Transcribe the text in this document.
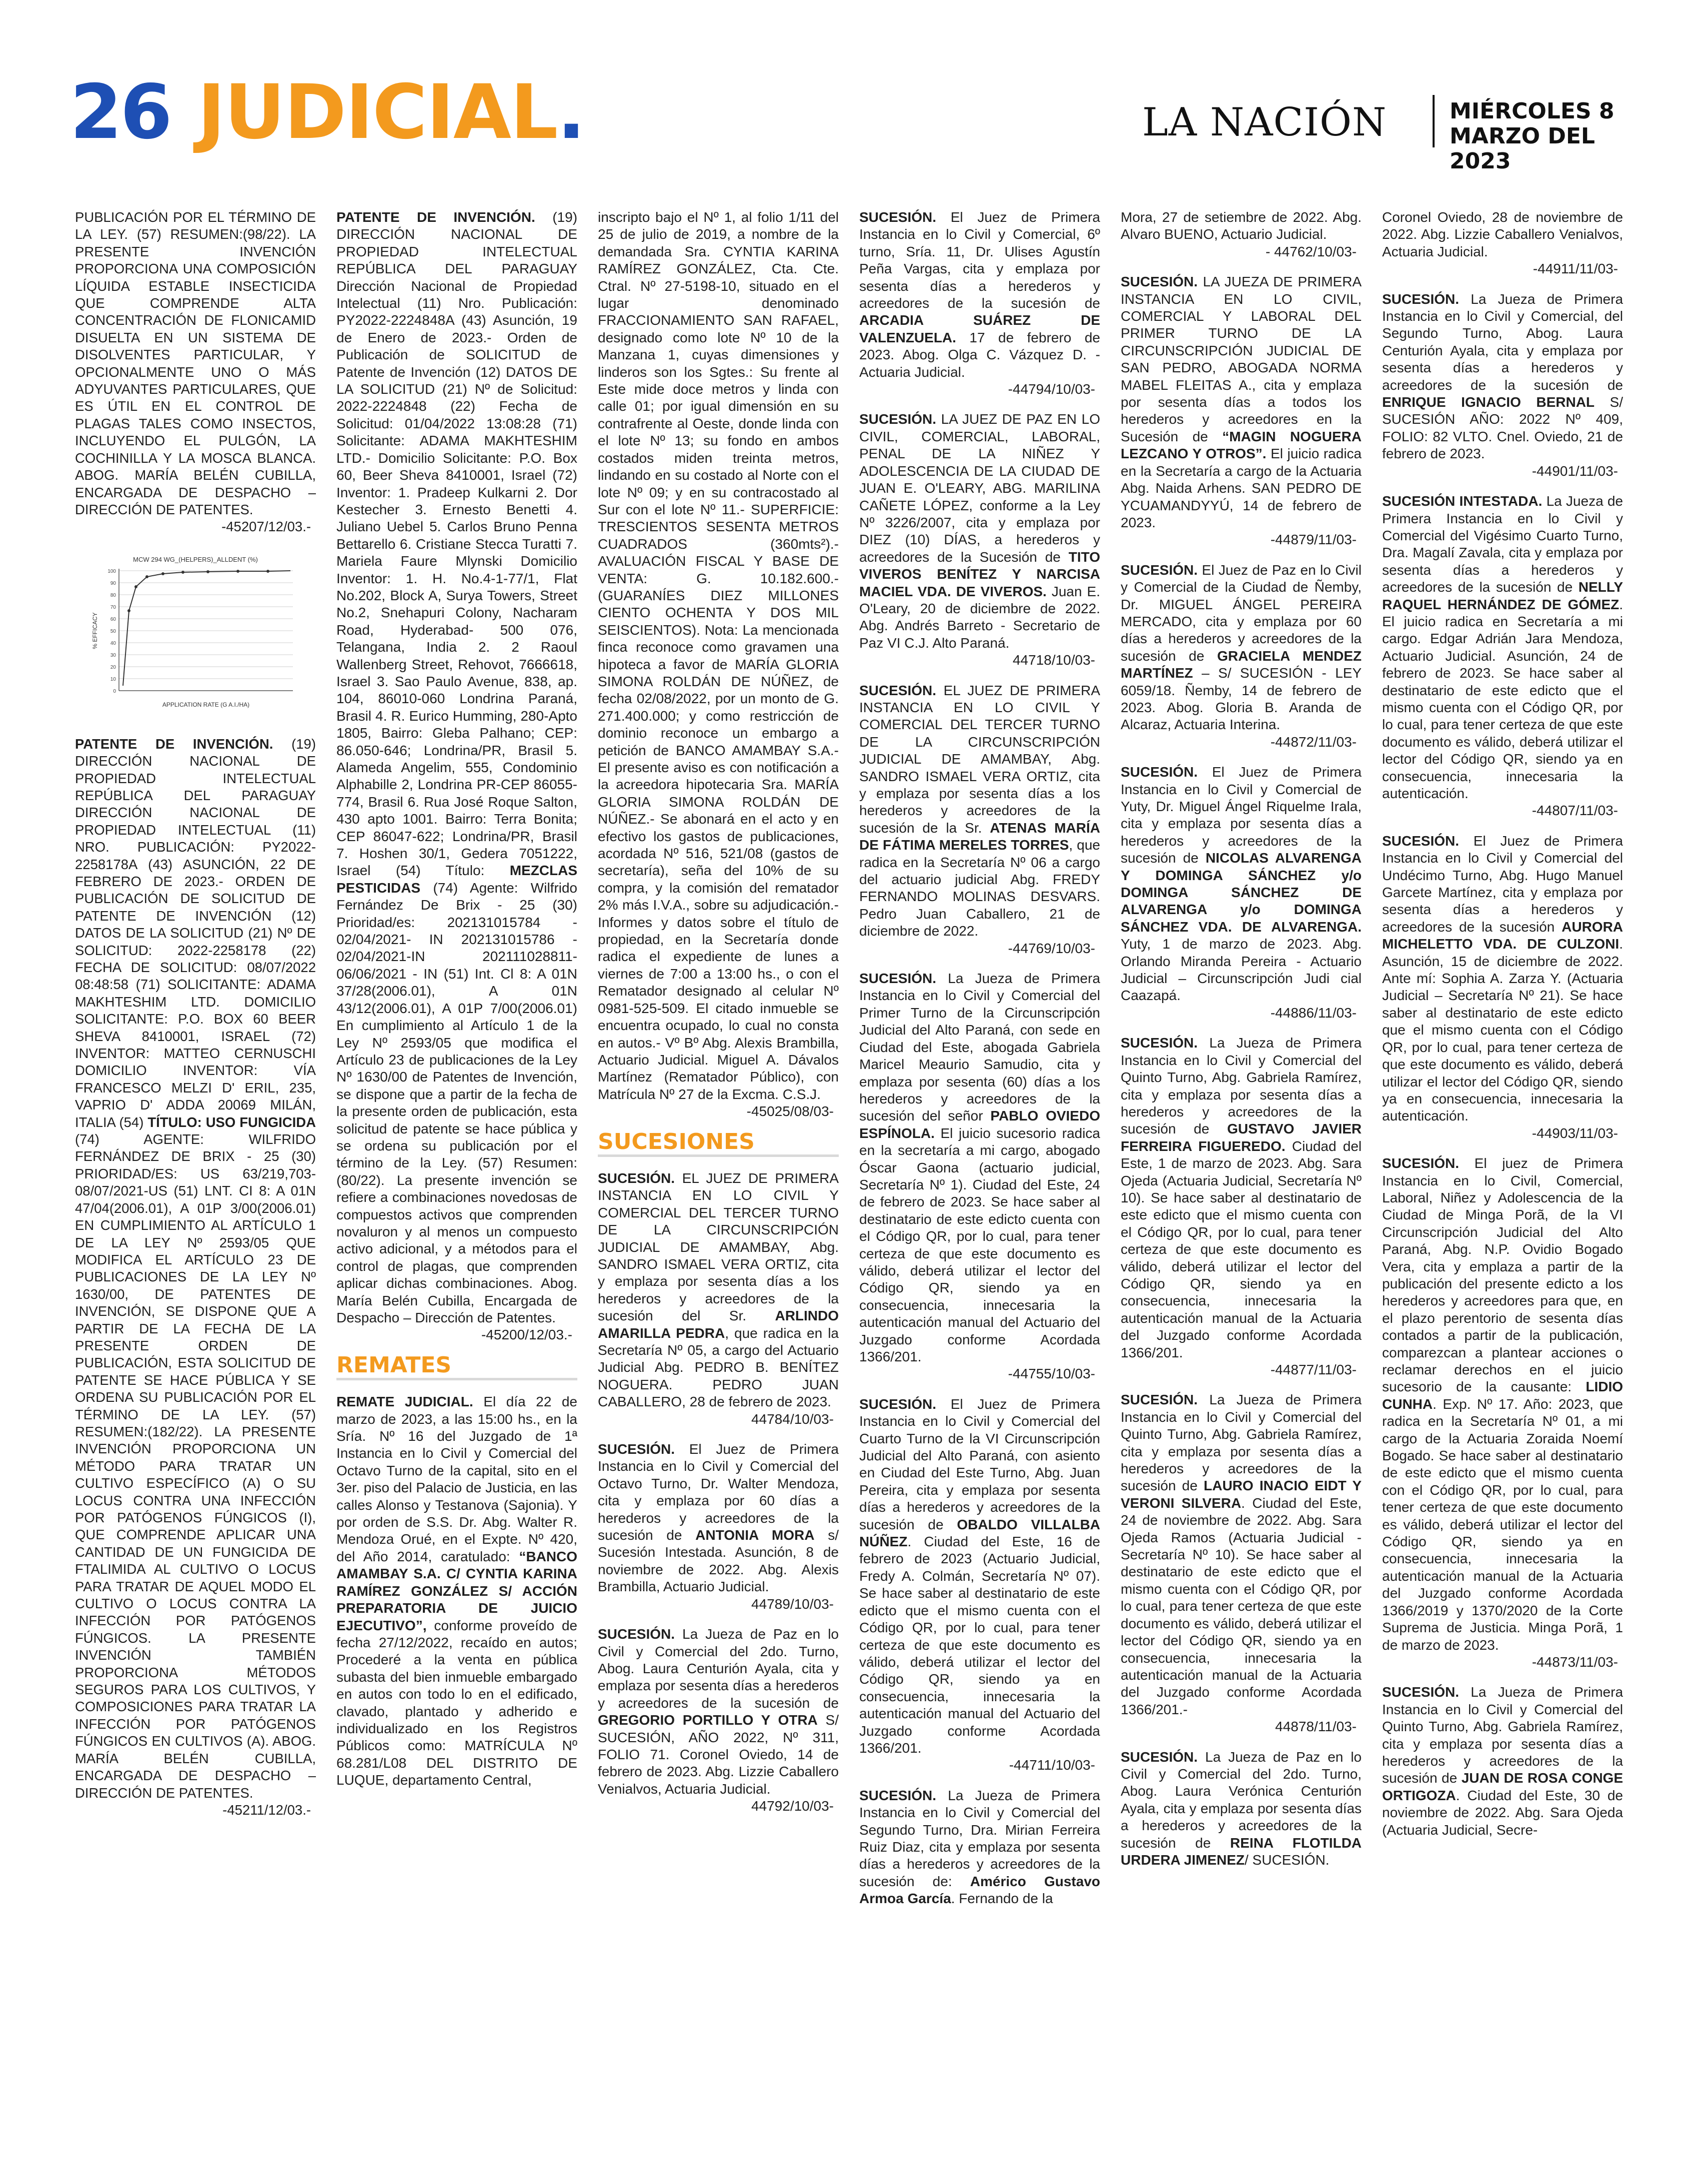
26 JUDICIAL.	LA NACIÓN	MIÉRCOLES 8
MARZO DEL 2023

PUBLICACIÓN POR EL TÉRMINO DE LA LEY. (57) RESUMEN:(98/22). LA PRESENTE INVENCIÓN PROPORCIONA UNA COMPOSICIÓN LÍQUIDA ESTABLE INSECTICIDA QUE COMPRENDE ALTA CONCENTRACIÓN DE FLONICAMID DISUELTA EN UN SISTEMA DE DISOLVENTES PARTICULAR, Y OPCIONALMENTE UNO O MÁS ADYUVANTES PARTICULARES, QUE ES ÚTIL EN EL CONTROL DE PLAGAS TALES COMO INSECTOS, INCLUYENDO EL PULGÓN, LA COCHINILLA Y LA MOSCA BLANCA. ABOG. MARÍA BELÉN CUBILLA, ENCARGADA DE DESPACHO – DIRECCIÓN DE PATENTES.
-45207/12/03.-

MCW 294 WG_(HELPERS)_ALLDENT (%)
100
90
80
70
60
50
40
30
20
10
0
APPLICATION RATE (G A.I./HA)
% EFFICACY

PATENTE DE INVENCIÓN. (19) DIRECCIÓN NACIONAL DE PROPIEDAD INTELECTUAL REPÚBLICA DEL PARAGUAY DIRECCIÓN NACIONAL DE PROPIEDAD INTELECTUAL (11) NRO. PUBLICACIÓN: PY2022-2258178A (43) ASUNCIÓN, 22 DE FEBRERO DE 2023.- ORDEN DE PUBLICACIÓN DE SOLICITUD DE PATENTE DE INVENCIÓN (12) DATOS DE LA SOLICITUD (21) Nº DE SOLICITUD: 2022-2258178 (22) FECHA DE SOLICITUD: 08/07/2022 08:48:58 (71) SOLICITANTE: ADAMA MAKHTESHIM LTD. DOMICILIO SOLICITANTE: P.O. BOX 60 BEER SHEVA 8410001, ISRAEL (72) INVENTOR: MATTEO CERNUSCHI DOMICILIO INVENTOR: VÍA FRANCESCO MELZI D' ERIL, 235, VAPRIO D' ADDA 20069 MILÁN, ITALIA (54) TÍTULO: USO FUNGICIDA (74) AGENTE: WILFRIDO FERNÁNDEZ DE BRIX - 25 (30) PRIORIDAD/ES: US 63/219,703-08/07/2021-US (51) LNT. CI 8: A 01N 47/04(2006.01), A 01P 3/00(2006.01) EN CUMPLIMIENTO AL ARTÍCULO 1 DE LA LEY Nº 2593/05 QUE MODIFICA EL ARTÍCULO 23 DE PUBLICACIONES DE LA LEY Nº 1630/00, DE PATENTES DE INVENCIÓN, SE DISPONE QUE A PARTIR DE LA FECHA DE LA PRESENTE ORDEN DE PUBLICACIÓN, ESTA SOLICITUD DE PATENTE SE HACE PÚBLICA Y SE ORDENA SU PUBLICACIÓN POR EL TÉRMINO DE LA LEY. (57) RESUMEN:(182/22). LA PRESENTE INVENCIÓN PROPORCIONA UN MÉTODO PARA TRATAR UN CULTIVO ESPECÍFICO (A) O SU LOCUS CONTRA UNA INFECCIÓN POR PATÓGENOS FÚNGICOS (I), QUE COMPRENDE APLICAR UNA CANTIDAD DE UN FUNGICIDA DE FTALIMIDA AL CULTIVO O LOCUS PARA TRATAR DE AQUEL MODO EL CULTIVO O LOCUS CONTRA LA INFECCIÓN POR PATÓGENOS FÚNGICOS. LA PRESENTE INVENCIÓN TAMBIÉN PROPORCIONA MÉTODOS SEGUROS PARA LOS CULTIVOS, Y COMPOSICIONES PARA TRATAR LA INFECCIÓN POR PATÓGENOS FÚNGICOS EN CULTIVOS (A). ABOG. MARÍA BELÉN CUBILLA, ENCARGADA DE DESPACHO – DIRECCIÓN DE PATENTES.
-45211/12/03.-

PATENTE DE INVENCIÓN. (19) DIRECCIÓN NACIONAL DE PROPIEDAD INTELECTUAL REPÚBLICA DEL PARAGUAY Dirección Nacional de Propiedad Intelectual (11) Nro. Publicación: PY2022-2224848A (43) Asunción, 19 de Enero de 2023.- Orden de Publicación de SOLICITUD de Patente de Invención (12) DATOS DE LA SOLICITUD (21) Nº de Solicitud: 2022-2224848 (22) Fecha de Solicitud: 01/04/2022 13:08:28 (71) Solicitante: ADAMA MAKHTESHIM LTD.- Domicilio Solicitante: P.O. Box 60, Beer Sheva 8410001, Israel (72) Inventor: 1. Pradeep Kulkarni 2. Dor Kestecher 3. Ernesto Benetti 4. Juliano Uebel 5. Carlos Bruno Penna Bettarello 6. Cristiane Stecca Turatti 7. Mariela Faure Mlynski Domicilio Inventor: 1. H. No.4-1-77/1, Flat No.202, Block A, Surya Towers, Street No.2, Snehapuri Colony, Nacharam Road, Hyderabad- 500 076, Telangana, India 2. 2 Raoul Wallenberg Street, Rehovot, 7666618, Israel 3. Sao Paulo Avenue, 838, ap. 104, 86010-060 Londrina Paraná, Brasil 4. R. Eurico Humming, 280-Apto 1805, Bairro: Gleba Palhano; CEP: 86.050-646; Londrina/PR, Brasil 5. Alameda Angelim, 555, Condominio Alphabille 2, Londrina PR-CEP 86055-774, Brasil 6. Rua José Roque Salton, 430 apto 1001. Bairro: Terra Bonita; CEP 86047-622; Londrina/PR, Brasil 7. Hoshen 30/1, Gedera 7051222, Israel (54) Título: MEZCLAS PESTICIDAS (74) Agente: Wilfrido Fernández De Brix - 25 (30) Prioridad/es: 202131015784 - 02/04/2021- IN 202131015786 - 02/04/2021-IN 202111028811-06/06/2021 - IN (51) Int. Cl 8: A 01N 37/28(2006.01), A 01N 43/12(2006.01), A 01P 7/00(2006.01) En cumplimiento al Artículo 1 de la Ley Nº 2593/05 que modifica el Artículo 23 de publicaciones de la Ley Nº 1630/00 de Patentes de Invención, se dispone que a partir de la fecha de la presente orden de publicación, esta solicitud de patente se hace pública y se ordena su publicación por el término de la Ley. (57) Resumen:(80/22). La presente invención se refiere a combinaciones novedosas de compuestos activos que comprenden novaluron y al menos un compuesto activo adicional, y a métodos para el control de plagas, que comprenden aplicar dichas combinaciones. Abog. María Belén Cubilla, Encargada de Despacho – Dirección de Patentes.
-45200/12/03.-

REMATES

REMATE JUDICIAL. El día 22 de marzo de 2023, a las 15:00 hs., en la Sría. Nº 16 del Juzgado de 1ª Instancia en lo Civil y Comercial del Octavo Turno de la capital, sito en el 3er. piso del Palacio de Justicia, en las calles Alonso y Testanova (Sajonia). Y por orden de S.S. Dr. Abg. Walter R. Mendoza Orué, en el Expte. Nº 420, del Año 2014, caratulado: “BANCO AMAMBAY S.A. C/ CYNTIA KARINA RAMÍREZ GONZÁLEZ S/ ACCIÓN PREPARATORIA DE JUICIO EJECUTIVO”, conforme proveído de fecha 27/12/2022, recaído en autos; Procederé a la venta en pública subasta del bien inmueble embargado en autos con todo lo en el edificado, clavado, plantado y adherido e individualizado en los Registros Públicos como: MATRÍCULA Nº 68.281/L08 DEL DISTRITO DE LUQUE, departamento Central,

inscripto bajo el Nº 1, al folio 1/11 del 25 de julio de 2019, a nombre de la demandada Sra. CYNTIA KARINA RAMÍREZ GONZÁLEZ, Cta. Cte. Ctral. Nº 27-5198-10, situado en el lugar denominado FRACCIONAMIENTO SAN RAFAEL, designado como lote Nº 10 de la Manzana 1, cuyas dimensiones y linderos son los Sgtes.: Su frente al Este mide doce metros y linda con calle 01; por igual dimensión en su contrafrente al Oeste, donde linda con el lote Nº 13; su fondo en ambos costados miden treinta metros, lindando en su costado al Norte con el lote Nº 09; y en su contracostado al Sur con el lote Nº 11.- SUPERFICIE: TRESCIENTOS SESENTA METROS CUADRADOS (360mts²).- AVALUACIÓN FISCAL Y BASE DE VENTA: G. 10.182.600.- (GUARANÍES DIEZ MILLONES CIENTO OCHENTA Y DOS MIL SEISCIENTOS). Nota: La mencionada finca reconoce como gravamen una hipoteca a favor de MARÍA GLORIA SIMONA ROLDÁN DE NÚÑEZ, de fecha 02/08/2022, por un monto de G. 271.400.000; y como restricción de dominio reconoce un embargo a petición de BANCO AMAMBAY S.A.- El presente aviso es con notificación a la acreedora hipotecaria Sra. MARÍA GLORIA SIMONA ROLDÁN DE NÚÑEZ.- Se abonará en el acto y en efectivo los gastos de publicaciones, acordada Nº 516, 521/08 (gastos de secretaría), seña del 10% de su compra, y la comisión del rematador 2% más I.V.A., sobre su adjudicación.- Informes y datos sobre el título de propiedad, en la Secretaría donde radica el expediente de lunes a viernes de 7:00 a 13:00 hs., o con el Rematador designado al celular Nº 0981-525-509. El citado inmueble se encuentra ocupado, lo cual no consta en autos.- Vº Bº Abg. Alexis Brambilla, Actuario Judicial. Miguel A. Dávalos Martínez (Rematador Público), con Matrícula Nº 27 de la Excma. C.S.J.
-45025/08/03-

SUCESIONES

SUCESIÓN. EL JUEZ DE PRIMERA INSTANCIA EN LO CIVIL Y COMERCIAL DEL TERCER TURNO DE LA CIRCUNSCRIPCIÓN JUDICIAL DE AMAMBAY, Abg. SANDRO ISMAEL VERA ORTIZ, cita y emplaza por sesenta días a los herederos y acreedores de la sucesión del Sr. ARLINDO AMARILLA PEDRA, que radica en la Secretaría Nº 05, a cargo del Actuario Judicial Abg. PEDRO B. BENÍTEZ NOGUERA. PEDRO JUAN CABALLERO, 28 de febrero de 2023.
44784/10/03-

SUCESIÓN. El Juez de Primera Instancia en lo Civil y Comercial del Octavo Turno, Dr. Walter Mendoza, cita y emplaza por 60 días a herederos y acreedores de la sucesión de ANTONIA MORA s/ Sucesión Intestada. Asunción, 8 de noviembre de 2022. Abg. Alexis Brambilla, Actuario Judicial.
44789/10/03-

SUCESIÓN. La Jueza de Paz en lo Civil y Comercial del 2do. Turno, Abog. Laura Centurión Ayala, cita y emplaza por sesenta días a herederos y acreedores de la sucesión de GREGORIO PORTILLO Y OTRA S/ SUCESIÓN, AÑO 2022, Nº 311, FOLIO 71. Coronel Oviedo, 14 de febrero de 2023. Abg. Lizzie Caballero Venialvos, Actuaria Judicial.
44792/10/03-

SUCESIÓN. El Juez de Primera Instancia en lo Civil y Comercial, 6º turno, Sría. 11, Dr. Ulises Agustín Peña Vargas, cita y emplaza por sesenta días a herederos y acreedores de la sucesión de ARCADIA SUÁREZ DE VALENZUELA. 17 de febrero de 2023. Abog. Olga C. Vázquez D. - Actuaria Judicial.
-44794/10/03-

SUCESIÓN. LA JUEZ DE PAZ EN LO CIVIL, COMERCIAL, LABORAL, PENAL DE LA NIÑEZ Y ADOLESCENCIA DE LA CIUDAD DE JUAN E. O'LEARY, ABG. MARILINA CAÑETE LÓPEZ, conforme a la Ley Nº 3226/2007, cita y emplaza por DIEZ (10) DÍAS, a herederos y acreedores de la Sucesión de TITO VIVEROS BENÍTEZ Y NARCISA MACIEL VDA. DE VIVEROS. Juan E. O'Leary, 20 de diciembre de 2022. Abg. Andrés Barreto - Secretario de Paz VI C.J. Alto Paraná.
44718/10/03-

SUCESIÓN. EL JUEZ DE PRIMERA INSTANCIA EN LO CIVIL Y COMERCIAL DEL TERCER TURNO DE LA CIRCUNSCRIPCIÓN JUDICIAL DE AMAMBAY, Abg. SANDRO ISMAEL VERA ORTIZ, cita y emplaza por sesenta días a los herederos y acreedores de la sucesión de la Sr. ATENAS MARÍA DE FÁTIMA MERELES TORRES, que radica en la Secretaría Nº 06 a cargo del actuario judicial Abg. FREDY FERNANDO MOLINAS DESVARS. Pedro Juan Caballero, 21 de diciembre de 2022.
-44769/10/03-

SUCESIÓN. La Jueza de Primera Instancia en lo Civil y Comercial del Primer Turno de la Circunscripción Judicial del Alto Paraná, con sede en Ciudad del Este, abogada Gabriela Maricel Meaurio Samudio, cita y emplaza por sesenta (60) días a los herederos y acreedores de la sucesión del señor PABLO OVIEDO ESPÍNOLA. El juicio sucesorio radica en la secretaría a mi cargo, abogado Óscar Gaona (actuario judicial, Secretaría Nº 1). Ciudad del Este, 24 de febrero de 2023. Se hace saber al destinatario de este edicto cuenta con el Código QR, por lo cual, para tener certeza de que este documento es válido, deberá utilizar el lector del Código QR, siendo ya en consecuencia, innecesaria la autenticación manual del Actuario del Juzgado conforme Acordada 1366/201.
-44755/10/03-

SUCESIÓN. El Juez de Primera Instancia en lo Civil y Comercial del Cuarto Turno de la VI Circunscripción Judicial del Alto Paraná, con asiento en Ciudad del Este Turno, Abg. Juan Pereira, cita y emplaza por sesenta días a herederos y acreedores de la sucesión de OBALDO VILLALBA NÚÑEZ. Ciudad del Este, 16 de febrero de 2023 (Actuario Judicial, Fredy A. Colmán, Secretaría Nº 07). Se hace saber al destinatario de este edicto que el mismo cuenta con el Código QR, por lo cual, para tener certeza de que este documento es válido, deberá utilizar el lector del Código QR, siendo ya en consecuencia, innecesaria la autenticación manual del Actuario del Juzgado conforme Acordada 1366/201.
-44711/10/03-

SUCESIÓN. La Jueza de Primera Instancia en lo Civil y Comercial del Segundo Turno, Dra. Mirian Ferreira Ruiz Diaz, cita y emplaza por sesenta días a herederos y acreedores de la sucesión de: Américo Gustavo Armoa García. Fernando de la

Mora, 27 de setiembre de 2022. Abg. Alvaro BUENO, Actuario Judicial.
- 44762/10/03-

SUCESIÓN. LA JUEZA DE PRIMERA INSTANCIA EN LO CIVIL, COMERCIAL Y LABORAL DEL PRIMER TURNO DE LA CIRCUNSCRIPCIÓN JUDICIAL DE SAN PEDRO, ABOGADA NORMA MABEL FLEITAS A., cita y emplaza por sesenta días a todos los herederos y acreedores en la Sucesión de “MAGIN NOGUERA LEZCANO Y OTROS”. El juicio radica en la Secretaría a cargo de la Actuaria Abg. Naida Arhens. SAN PEDRO DE YCUAMANDYYÚ, 14 de febrero de 2023.
-44879/11/03-

SUCESIÓN. El Juez de Paz en lo Civil y Comercial de la Ciudad de Ñemby, Dr. MIGUEL ÁNGEL PEREIRA MERCADO, cita y emplaza por 60 días a herederos y acreedores de la sucesión de GRACIELA MENDEZ MARTÍNEZ – S/ SUCESIÓN - LEY 6059/18. Ñemby, 14 de febrero de 2023. Abog. Gloria B. Aranda de Alcaraz, Actuaria Interina.
-44872/11/03-

SUCESIÓN. El Juez de Primera Instancia en lo Civil y Comercial de Yuty, Dr. Miguel Ángel Riquelme Irala, cita y emplaza por sesenta días a herederos y acreedores de la sucesión de NICOLAS ALVARENGA Y DOMINGA SÁNCHEZ y/o DOMINGA SÁNCHEZ DE ALVARENGA y/o DOMINGA SÁNCHEZ VDA. DE ALVARENGA. Yuty, 1 de marzo de 2023. Abg. Orlando Miranda Pereira - Actuario Judicial – Circunscripción Judi cial Caazapá.
-44886/11/03-

SUCESIÓN. La Jueza de Primera Instancia en lo Civil y Comercial del Quinto Turno, Abg. Gabriela Ramírez, cita y emplaza por sesenta días a herederos y acreedores de la sucesión de GUSTAVO JAVIER FERREIRA FIGUEREDO. Ciudad del Este, 1 de marzo de 2023. Abg. Sara Ojeda (Actuaria Judicial, Secretaría Nº 10). Se hace saber al destinatario de este edicto que el mismo cuenta con el Código QR, por lo cual, para tener certeza de que este documento es válido, deberá utilizar el lector del Código QR, siendo ya en consecuencia, innecesaria la autenticación manual de la Actuaria del Juzgado conforme Acordada 1366/201.
-44877/11/03-

SUCESIÓN. La Jueza de Primera Instancia en lo Civil y Comercial del Quinto Turno, Abg. Gabriela Ramírez, cita y emplaza por sesenta días a herederos y acreedores de la sucesión de LAURO INACIO EIDT Y VERONI SILVERA. Ciudad del Este, 24 de noviembre de 2022. Abg. Sara Ojeda Ramos (Actuaria Judicial - Secretaría Nº 10). Se hace saber al destinatario de este edicto que el mismo cuenta con el Código QR, por lo cual, para tener certeza de que este documento es válido, deberá utilizar el lector del Código QR, siendo ya en consecuencia, innecesaria la autenticación manual de la Actuaria del Juzgado conforme Acordada 1366/201.-
44878/11/03-

SUCESIÓN. La Jueza de Paz en lo Civil y Comercial del 2do. Turno, Abog. Laura Verónica Centurión Ayala, cita y emplaza por sesenta días a herederos y acreedores de la sucesión de REINA FLOTILDA URDERA JIMENEZ/ SUCESIÓN.

Coronel Oviedo, 28 de noviembre de 2022. Abg. Lizzie Caballero Venialvos, Actuaria Judicial.
-44911/11/03-

SUCESIÓN. La Jueza de Primera Instancia en lo Civil y Comercial, del Segundo Turno, Abog. Laura Centurión Ayala, cita y emplaza por sesenta días a herederos y acreedores de la sucesión de ENRIQUE IGNACIO BERNAL S/ SUCESIÓN AÑO: 2022 Nº 409, FOLIO: 82 VLTO. Cnel. Oviedo, 21 de febrero de 2023.
-44901/11/03-

SUCESIÓN INTESTADA. La Jueza de Primera Instancia en lo Civil y Comercial del Vigésimo Cuarto Turno, Dra. Magalí Zavala, cita y emplaza por sesenta días a herederos y acreedores de la sucesión de NELLY RAQUEL HERNÁNDEZ DE GÓMEZ. El juicio radica en Secretaría a mi cargo. Edgar Adrián Jara Mendoza, Actuario Judicial. Asunción, 24 de febrero de 2023. Se hace saber al destinatario de este edicto que el mismo cuenta con el Código QR, por lo cual, para tener certeza de que este documento es válido, deberá utilizar el lector del Código QR, siendo ya en consecuencia, innecesaria la autenticación.
-44807/11/03-

SUCESIÓN. El Juez de Primera Instancia en lo Civil y Comercial del Undécimo Turno, Abg. Hugo Manuel Garcete Martínez, cita y emplaza por sesenta días a herederos y acreedores de la sucesión AURORA MICHELETTO VDA. DE CULZONI. Asunción, 15 de diciembre de 2022. Ante mí: Sophia A. Zarza Y. (Actuaria Judicial – Secretaría Nº 21). Se hace saber al destinatario de este edicto que el mismo cuenta con el Código QR, por lo cual, para tener certeza de que este documento es válido, deberá utilizar el lector del Código QR, siendo ya en consecuencia, innecesaria la autenticación.
-44903/11/03-

SUCESIÓN. El juez de Primera Instancia en lo Civil, Comercial, Laboral, Niñez y Adolescencia de la Ciudad de Minga Porã, de la VI Circunscripción Judicial del Alto Paraná, Abg. N.P. Ovidio Bogado Vera, cita y emplaza a partir de la publicación del presente edicto a los herederos y acreedores para que, en el plazo perentorio de sesenta días contados a partir de la publicación, comparezcan a plantear acciones o reclamar derechos en el juicio sucesorio de la causante: LIDIO CUNHA. Exp. Nº 17. Año: 2023, que radica en la Secretaría Nº 01, a mi cargo de la Actuaria Zoraida Noemí Bogado. Se hace saber al destinatario de este edicto que el mismo cuenta con el Código QR, por lo cual, para tener certeza de que este documento es válido, deberá utilizar el lector del Código QR, siendo ya en consecuencia, innecesaria la autenticación manual de la Actuaria del Juzgado conforme Acordada 1366/2019 y 1370/2020 de la Corte Suprema de Justicia. Minga Porã, 1 de marzo de 2023.
-44873/11/03-

SUCESIÓN. La Jueza de Primera Instancia en lo Civil y Comercial del Quinto Turno, Abg. Gabriela Ramírez, cita y emplaza por sesenta días a herederos y acreedores de la sucesión de JUAN DE ROSA CONGE ORTIGOZA. Ciudad del Este, 30 de noviembre de 2022. Abg. Sara Ojeda (Actuaria Judicial, Secre-
